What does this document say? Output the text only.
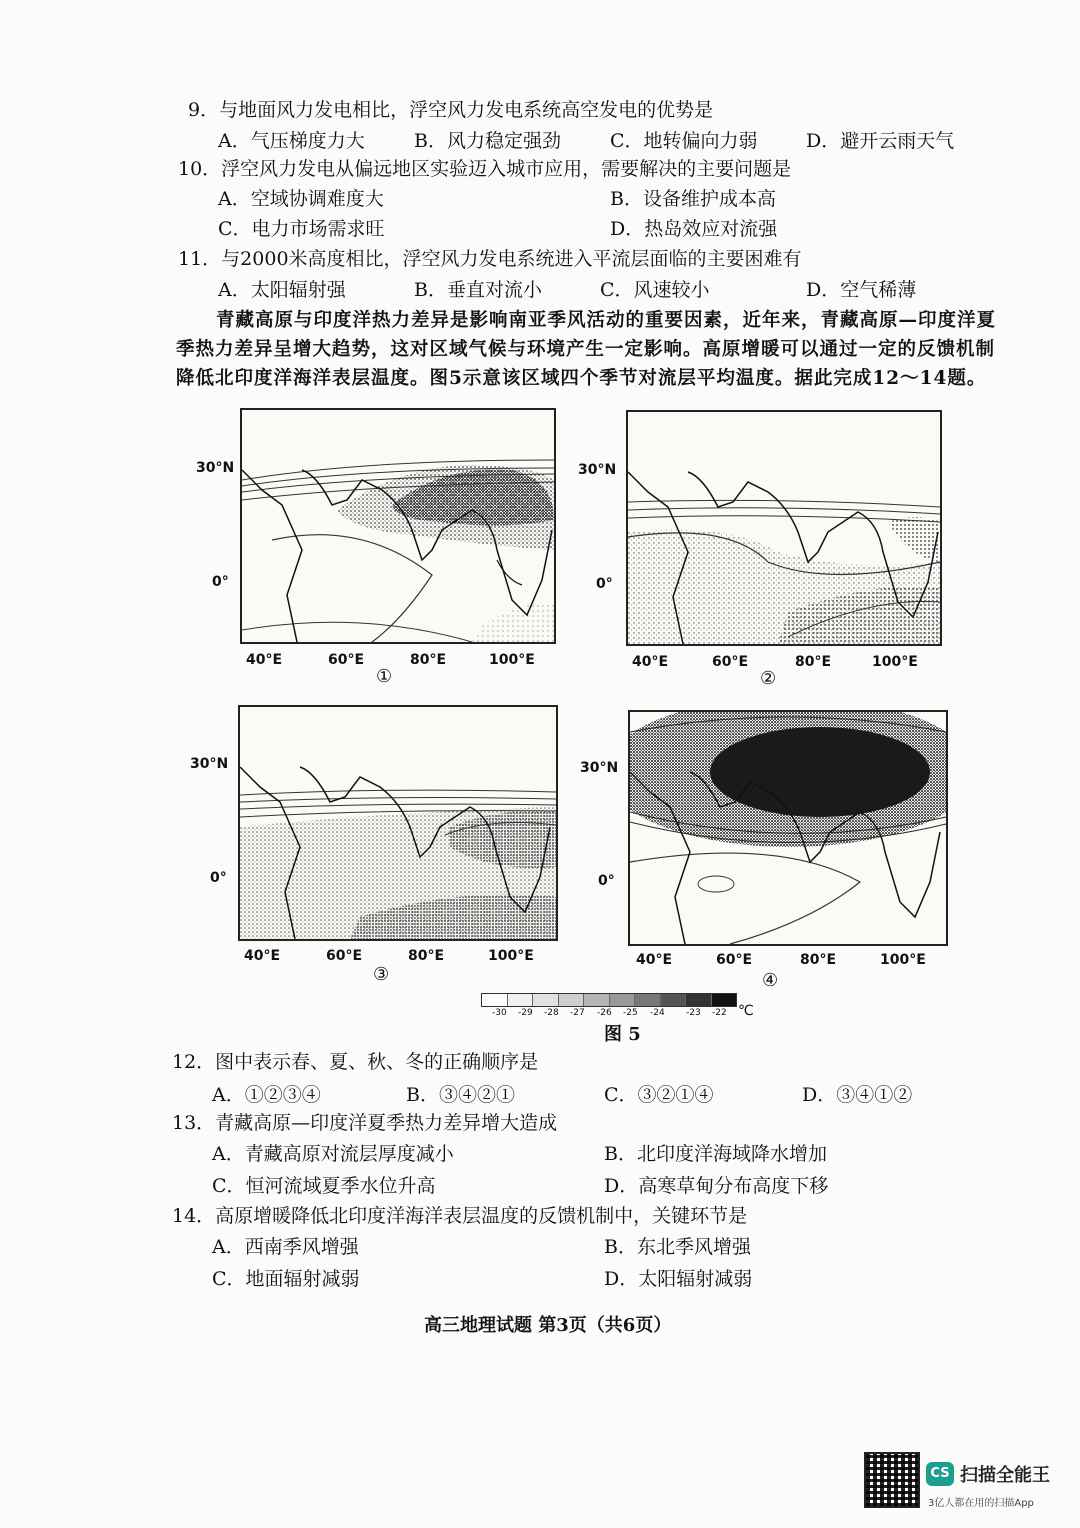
9．与地面风力发电相比，浮空风力发电系统高空发电的优势是
A．气压梯度力大	B．风力稳定强劲	C．地转偏向力弱	D．避开云雨天气
10．浮空风力发电从偏远地区实验迈入城市应用，需要解决的主要问题是
A．空域协调难度大	B．设备维护成本高
C．电力市场需求旺	D．热岛效应对流强
11．与2000米高度相比，浮空风力发电系统进入平流层面临的主要困难有
A．太阳辐射强	B．垂直对流小	C．风速较小	D．空气稀薄
青藏高原与印度洋热力差异是影响南亚季风活动的重要因素，近年来，青藏高原—印度洋夏季热力差异呈增大趋势，这对区域气候与环境产生一定影响。高原增暖可以通过一定的反馈机制降低北印度洋海洋表层温度。图5示意该区域四个季节对流层平均温度。据此完成12～14题。
30°N
0°
40°E	60°E	80°E	100°E
①
30°N
0°
40°E	60°E	80°E	100°E
②
30°N
0°
40°E	60°E	80°E	100°E
③
30°N
0°
40°E	60°E	80°E	100°E
④
-30 -29 -28 -27 -26 -25 -24 -23 -22 ℃
图 5
12．图中表示春、夏、秋、冬的正确顺序是
A．①②③④	B．③④②①	C．③②①④	D．③④①②
13．青藏高原—印度洋夏季热力差异增大造成
A．青藏高原对流层厚度减小	B．北印度洋海域降水增加
C．恒河流域夏季水位升高	D．高寒草甸分布高度下移
14．高原增暖降低北印度洋海洋表层温度的反馈机制中，关键环节是
A．西南季风增强	B．东北季风增强
C．地面辐射减弱	D．太阳辐射减弱
高三地理试题 第3页（共6页）
CS 扫描全能王
3亿人都在用的扫描App
